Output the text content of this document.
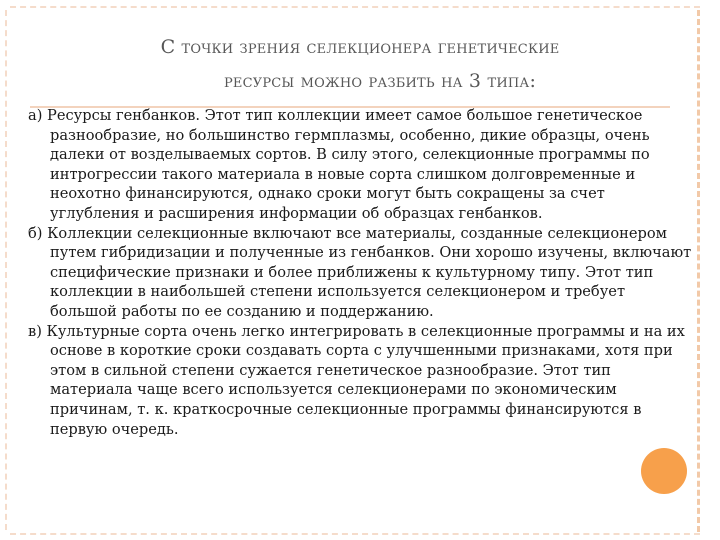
С точки зрения селекционера генетические
ресурсы можно разбить на 3 типа:

а) Ресурсы генбанков. Этот тип коллекции имеет самое большое генетическое разнообразие, но большинство гермплазмы, особенно, дикие образцы, очень далеки от возделываемых сортов. В силу этого, селекционные программы по интрогрессии такого материала в новые сорта слишком долговременные и неохотно финансируются, однако сроки могут быть сокращены за счет углубления и расширения информации об образцах генбанков.

б) Коллекции селекционные включают все материалы, созданные селекционером путем гибридизации и полученные из генбанков. Они хорошо изучены, включают специфические признаки и более приближены к культурному типу. Этот тип коллекции в наибольшей степени используется селекционером и требует большой работы по ее созданию и поддержанию.

в) Культурные сорта очень легко интегрировать в селекционные программы и на их основе в короткие сроки создавать сорта с улучшенными признаками, хотя при этом в сильной степени сужается генетическое разнообразие. Этот тип материала чаще всего используется селекционерами по экономическим причинам, т. к. краткосрочные селекционные программы финансируются в первую очередь.
